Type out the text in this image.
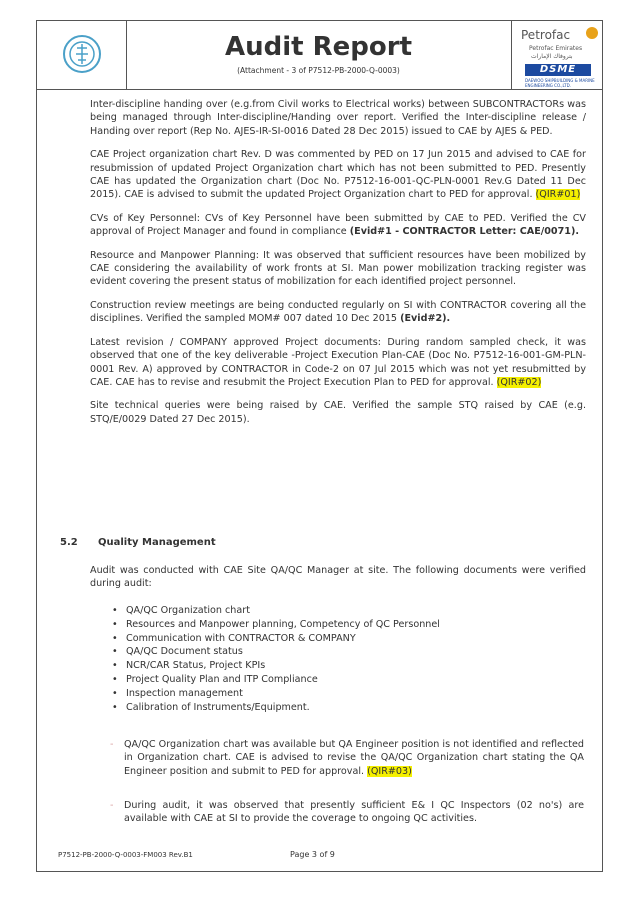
Audit Report
(Attachment - 3 of P7512-PB-2000-Q-0003)
Petrofac
Petrofac Emirates
بتروفاك الإمارات
DSME
DAEWOO SHIPBUILDING & MARINE ENGINEERING CO.,LTD.

Inter-discipline handing over (e.g.from Civil works to Electrical works) between SUBCONTRACTORs was being managed through Inter-discipline/Handing over report. Verified the Inter-discipline release / Handing over report (Rep No. AJES-IR-SI-0016 Dated 28 Dec 2015) issued to CAE by AJES & PED.

CAE Project organization chart Rev. D was commented by PED on 17 Jun 2015 and advised to CAE for resubmission of updated Project Organization chart which has not been submitted to PED. Presently CAE has updated the Organization chart (Doc No. P7512-16-001-QC-PLN-0001 Rev.G Dated 11 Dec 2015). CAE is advised to submit the updated Project Organization chart to PED for approval. (QIR#01)

CVs of Key Personnel: CVs of Key Personnel have been submitted by CAE to PED. Verified the CV approval of Project Manager and found in compliance (Evid#1 - CONTRACTOR Letter: CAE/0071).

Resource and Manpower Planning: It was observed that sufficient resources have been mobilized by CAE considering the availability of work fronts at SI. Man power mobilization tracking register was evident covering the present status of mobilization for each identified project personnel.

Construction review meetings are being conducted regularly on SI with CONTRACTOR covering all the disciplines. Verified the sampled MOM# 007 dated 10 Dec 2015 (Evid#2).

Latest revision / COMPANY approved Project documents: During random sampled check, it was observed that one of the key deliverable -Project Execution Plan-CAE (Doc No. P7512-16-001-GM-PLN-0001 Rev. A) approved by CONTRACTOR in Code-2 on 07 Jul 2015 which was not yet resubmitted by CAE. CAE has to revise and resubmit the Project Execution Plan to PED for approval. (QIR#02)

Site technical queries were being raised by CAE. Verified the sample STQ raised by CAE (e.g. STQ/E/0029 Dated 27 Dec 2015).

5.2 Quality Management
Audit was conducted with CAE Site QA/QC Manager at site. The following documents were verified during audit:
• QA/QC Organization chart
• Resources and Manpower planning, Competency of QC Personnel
• Communication with CONTRACTOR & COMPANY
• QA/QC Document status
• NCR/CAR Status, Project KPIs
• Project Quality Plan and ITP Compliance
• Inspection management
• Calibration of Instruments/Equipment.
- QA/QC Organization chart was available but QA Engineer position is not identified and reflected in Organization chart. CAE is advised to revise the QA/QC Organization chart stating the QA Engineer position and submit to PED for approval. (QIR#03)
- During audit, it was observed that presently sufficient E& I QC Inspectors (02 no's) are available with CAE at SI to provide the coverage to ongoing QC activities.
P7512-PB-2000-Q-0003-FM003 Rev.B1	Page 3 of 9
